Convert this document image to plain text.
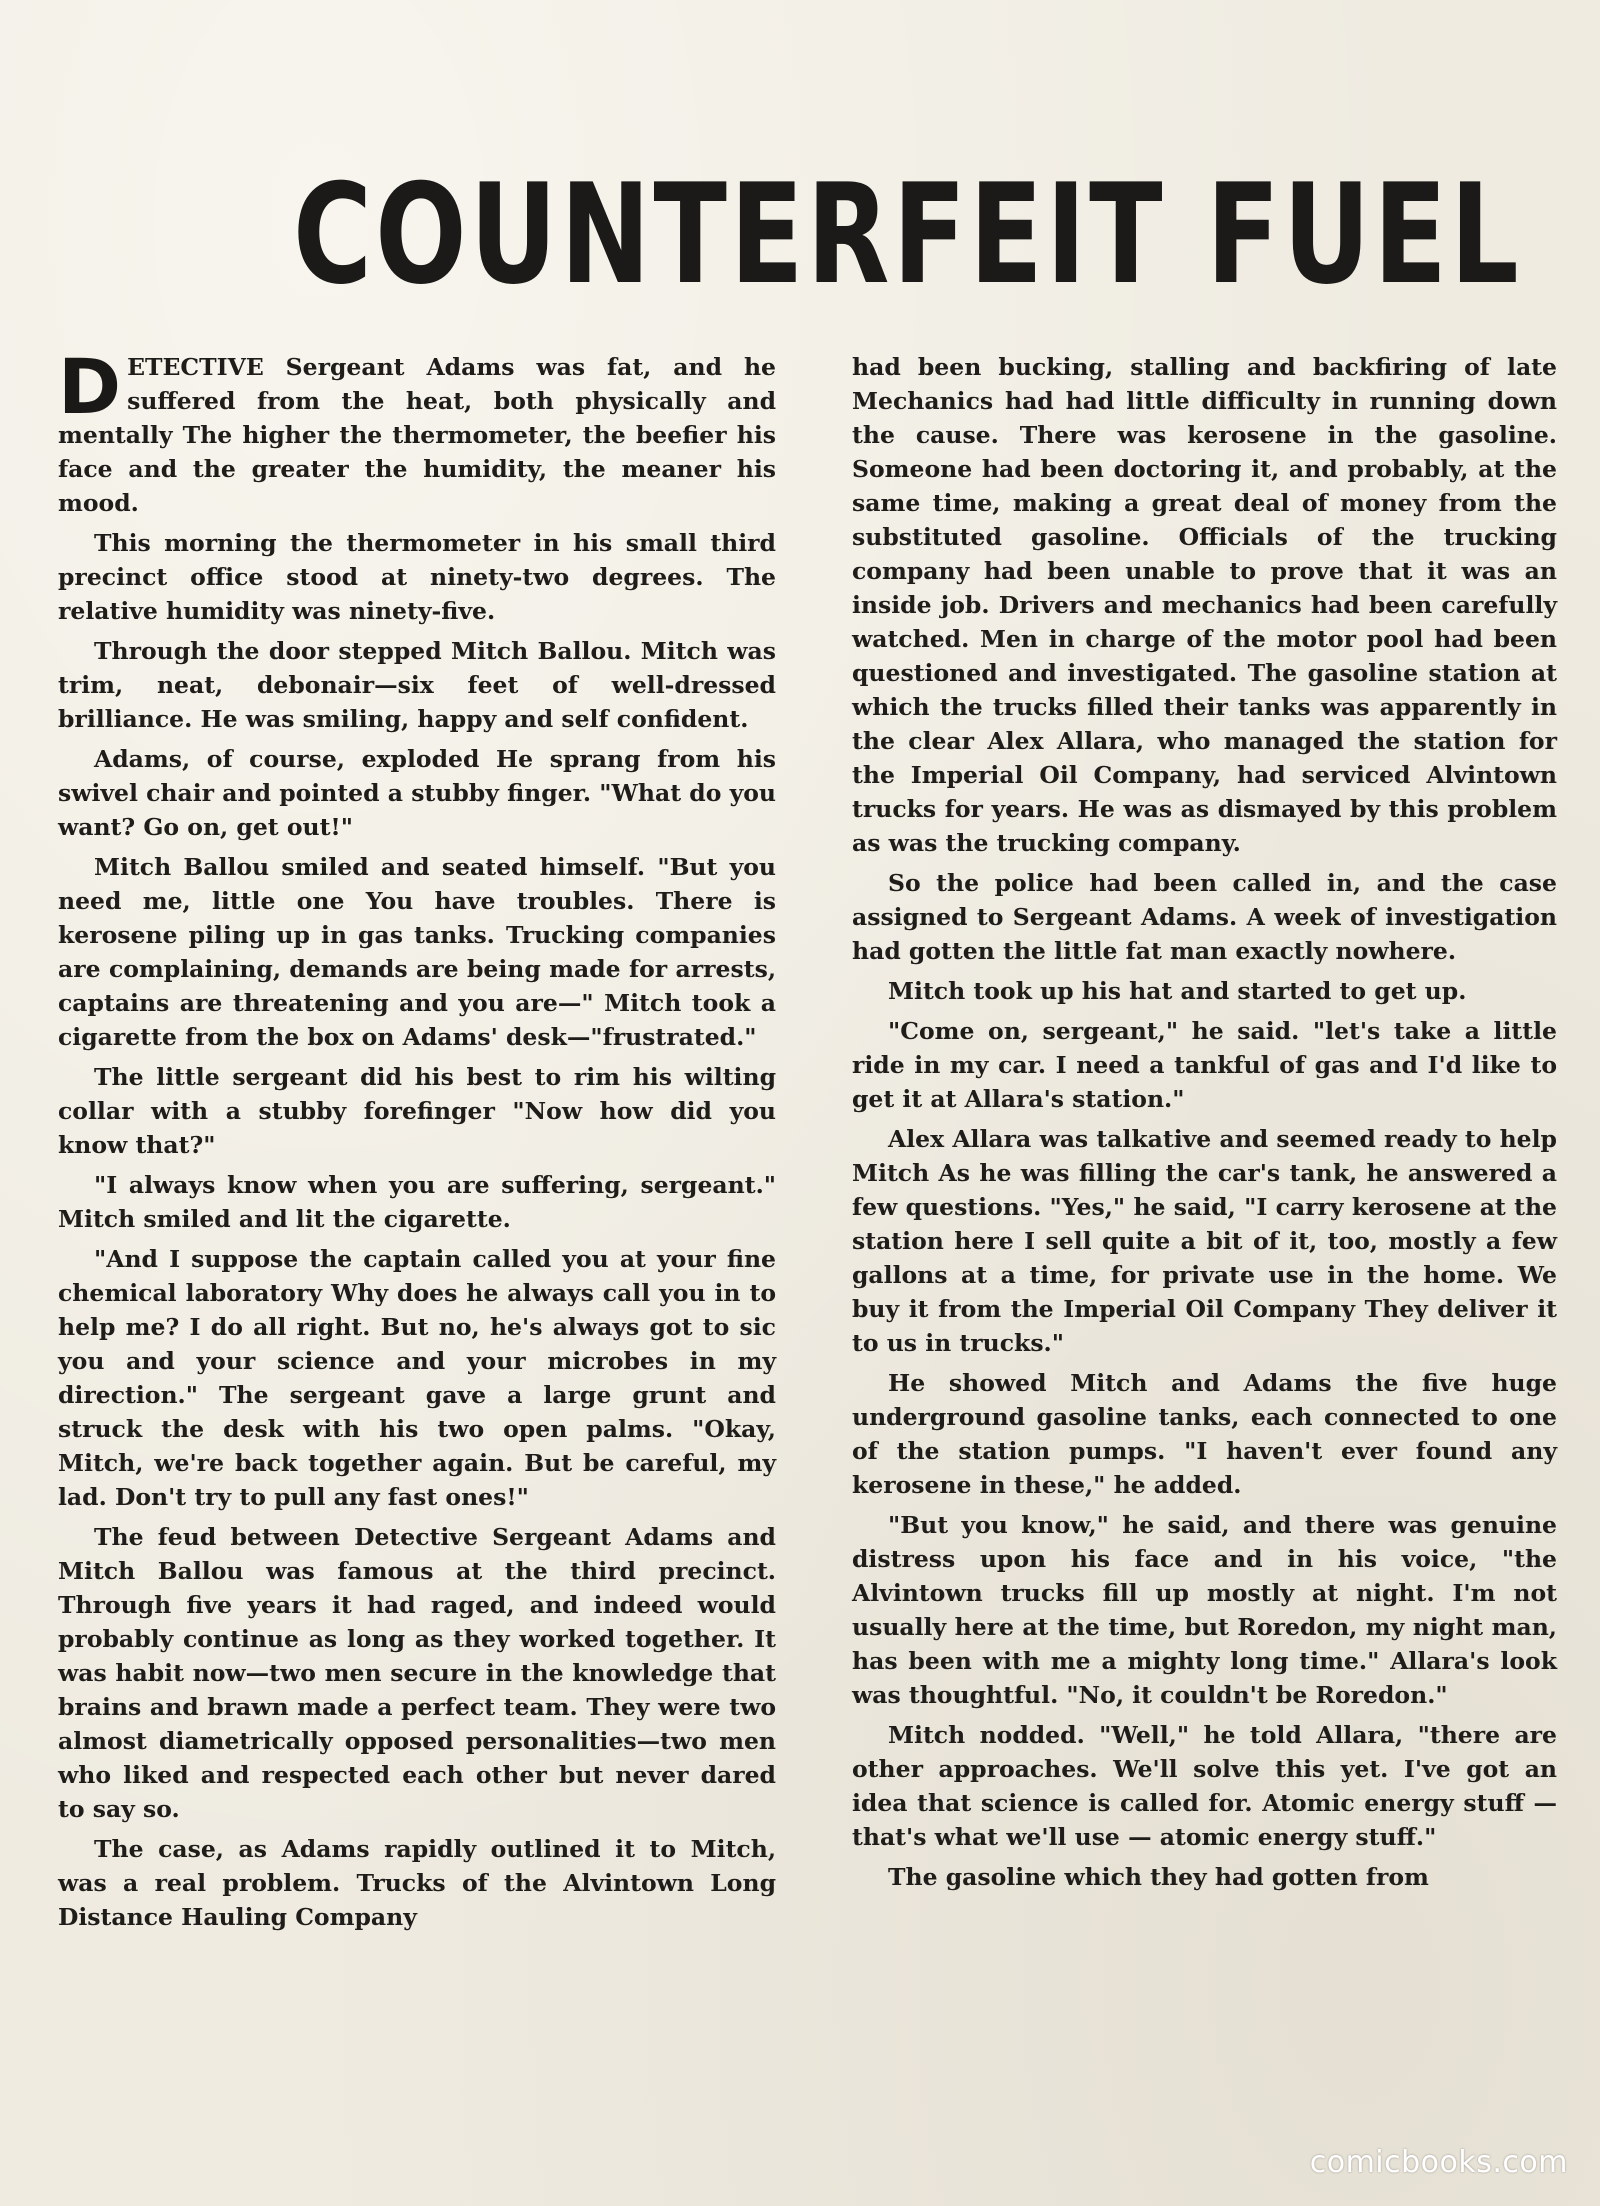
COUNTERFEIT FUEL

DETECTIVE Sergeant Adams was fat, and he suffered from the heat, both physically and mentally The higher the thermometer, the beefier his face and the greater the humidity, the meaner his mood.

This morning the thermometer in his small third precinct office stood at ninety-two degrees. The relative humidity was ninety-five.

Through the door stepped Mitch Ballou. Mitch was trim, neat, debonair—six feet of well-dressed brilliance. He was smiling, happy and self confident.

Adams, of course, exploded He sprang from his swivel chair and pointed a stubby finger. "What do you want? Go on, get out!"

Mitch Ballou smiled and seated himself. "But you need me, little one You have troubles. There is kerosene piling up in gas tanks. Trucking companies are complaining, demands are being made for arrests, captains are threatening and you are—" Mitch took a cigarette from the box on Adams' desk—"frustrated."

The little sergeant did his best to rim his wilting collar with a stubby forefinger "Now how did you know that?"

"I always know when you are suffering, sergeant." Mitch smiled and lit the cigarette.

"And I suppose the captain called you at your fine chemical laboratory Why does he always call you in to help me? I do all right. But no, he's always got to sic you and your science and your microbes in my direction." The sergeant gave a large grunt and struck the desk with his two open palms. "Okay, Mitch, we're back together again. But be careful, my lad. Don't try to pull any fast ones!"

The feud between Detective Sergeant Adams and Mitch Ballou was famous at the third precinct. Through five years it had raged, and indeed would probably continue as long as they worked together. It was habit now—two men secure in the knowledge that brains and brawn made a perfect team. They were two almost diametrically opposed personalities—two men who liked and respected each other but never dared to say so.

The case, as Adams rapidly outlined it to Mitch, was a real problem. Trucks of the Alvintown Long Distance Hauling Company

had been bucking, stalling and backfiring of late Mechanics had had little difficulty in running down the cause. There was kerosene in the gasoline. Someone had been doctoring it, and probably, at the same time, making a great deal of money from the substituted gasoline. Officials of the trucking company had been unable to prove that it was an inside job. Drivers and mechanics had been carefully watched. Men in charge of the motor pool had been questioned and investigated. The gasoline station at which the trucks filled their tanks was apparently in the clear Alex Allara, who managed the station for the Imperial Oil Company, had serviced Alvintown trucks for years. He was as dismayed by this problem as was the trucking company.

So the police had been called in, and the case assigned to Sergeant Adams. A week of investigation had gotten the little fat man exactly nowhere.

Mitch took up his hat and started to get up.

"Come on, sergeant," he said. "let's take a little ride in my car. I need a tankful of gas and I'd like to get it at Allara's station."

Alex Allara was talkative and seemed ready to help Mitch As he was filling the car's tank, he answered a few questions. "Yes," he said, "I carry kerosene at the station here I sell quite a bit of it, too, mostly a few gallons at a time, for private use in the home. We buy it from the Imperial Oil Company They deliver it to us in trucks."

He showed Mitch and Adams the five huge underground gasoline tanks, each connected to one of the station pumps. "I haven't ever found any kerosene in these," he added.

"But you know," he said, and there was genuine distress upon his face and in his voice, "the Alvintown trucks fill up mostly at night. I'm not usually here at the time, but Roredon, my night man, has been with me a mighty long time." Allara's look was thoughtful. "No, it couldn't be Roredon."

Mitch nodded. "Well," he told Allara, "there are other approaches. We'll solve this yet. I've got an idea that science is called for. Atomic energy stuff — that's what we'll use — atomic energy stuff."

The gasoline which they had gotten from

comicbooks.com
